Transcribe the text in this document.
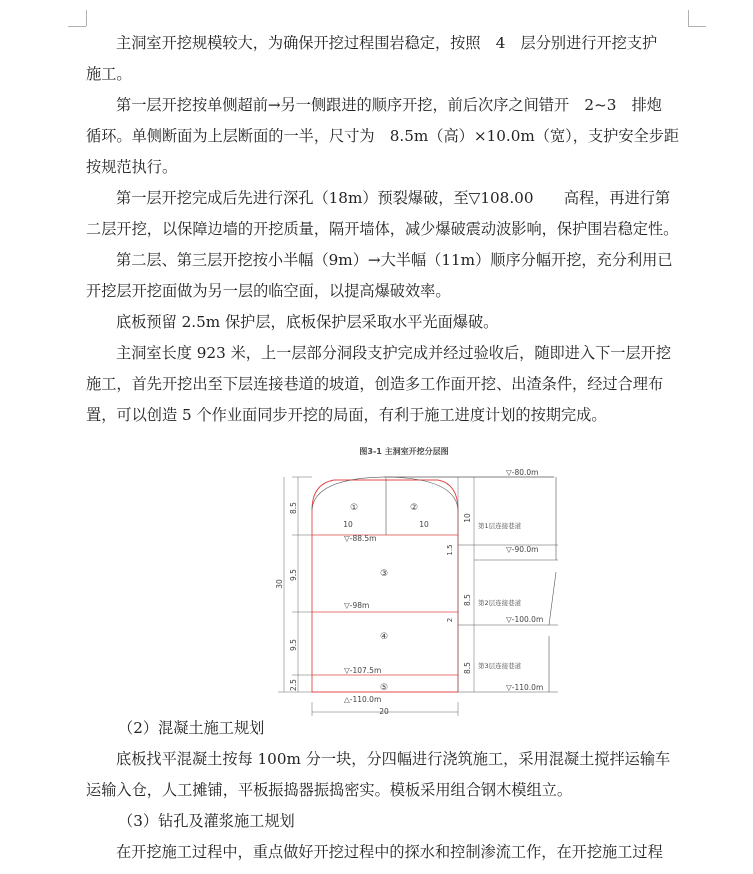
主洞室开挖规模较大，为确保开挖过程围岩稳定，按照　4　层分别进行开挖支护
施工。
第一层开挖按单侧超前→另一侧跟进的顺序开挖，前后次序之间错开　2~3　排炮
循环。单侧断面为上层断面的一半，尺寸为　8.5m（高）×10.0m（宽），支护安全步距
按规范执行。
第一层开挖完成后先进行深孔（18m）预裂爆破，至▽108.00　　高程，再进行第
二层开挖，以保障边墙的开挖质量，隔开墙体，减少爆破震动波影响，保护围岩稳定性。
第二层、第三层开挖按小半幅（9m）→大半幅（11m）顺序分幅开挖，充分利用已
开挖层开挖面做为另一层的临空面，以提高爆破效率。
底板预留 2.5m 保护层，底板保护层采取水平光面爆破。
主洞室长度 923 米，上一层部分洞段支护完成并经过验收后，随即进入下一层开挖
施工，首先开挖出至下层连接巷道的坡道，创造多工作面开挖、出渣条件，经过合理布
置，可以创造 5 个作业面同步开挖的局面，有利于施工进度计划的按期完成。
图3-1 主洞室开挖分层图
▽-80.0m
8.5
9.5
9.5
2.5
30
10	10
①	②
③
④
⑤
▽-88.5m
▽-98m
▽-107.5m
△-110.0m
20
10
1.5
8.5
2
8.5
▽-90.0m
第1层连接巷道
▽-100.0m
第2层连接巷道
▽-110.0m
第3层连接巷道
（2）混凝土施工规划
底板找平混凝土按每 100m 分一块，分四幅进行浇筑施工，采用混凝土搅拌运输车
运输入仓，人工摊铺，平板振捣器振捣密实。模板采用组合钢木模组立。
（3）钻孔及灌浆施工规划
在开挖施工过程中，重点做好开挖过程中的探水和控制渗流工作，在开挖施工过程
